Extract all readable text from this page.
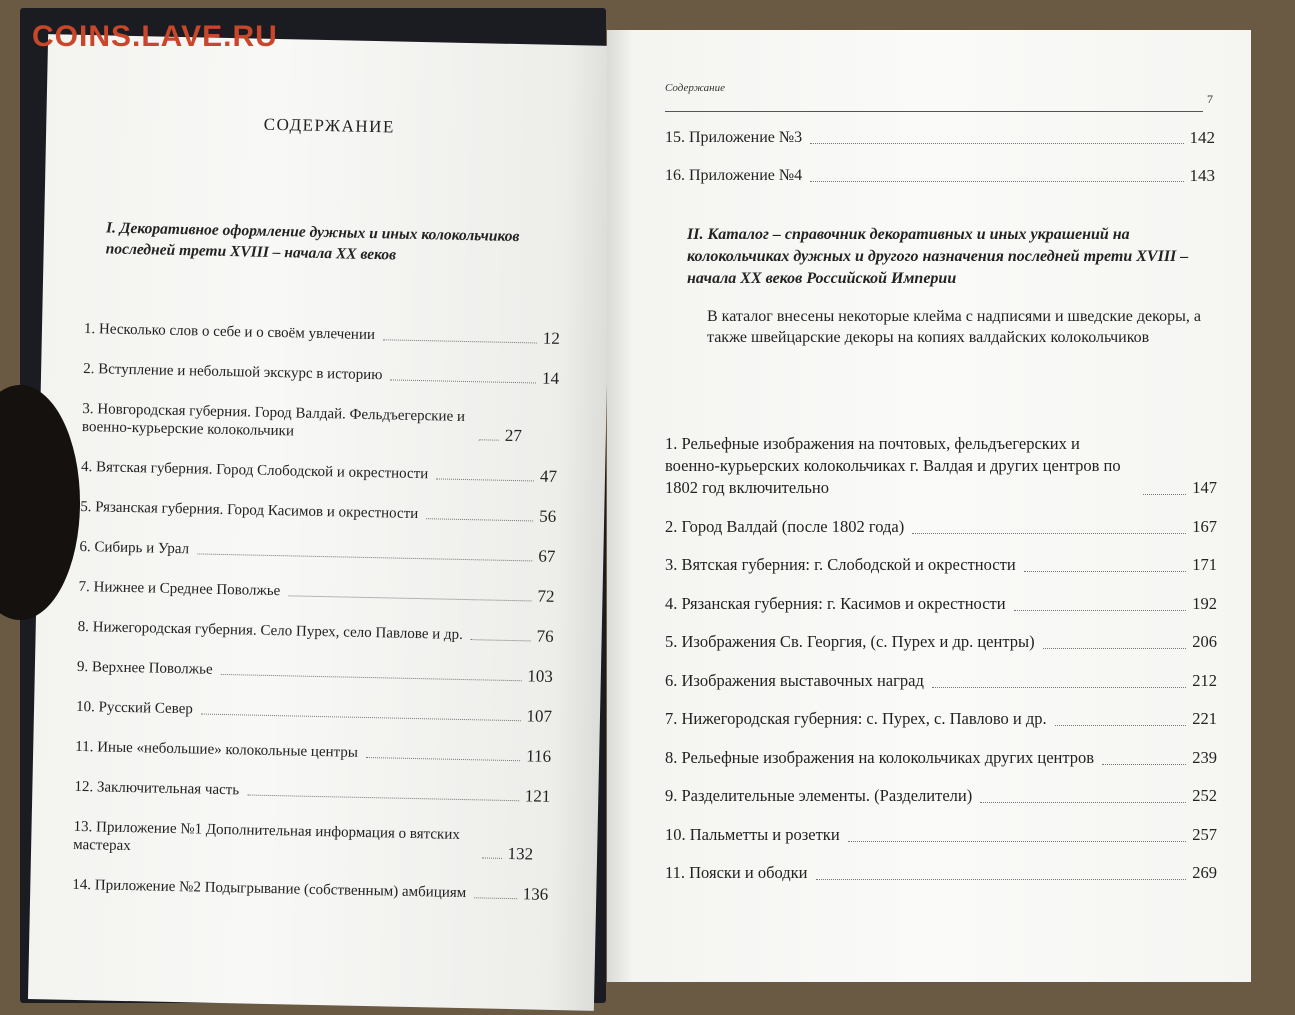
COINS.LAVE.RU
СОДЕРЖАНИЕ
I. Декоративное оформление дужных и иных колокольчиков последней трети XVIII – начала XX веков
1. Несколько слов о себе и о своём увлечении	12
2. Вступление и небольшой экскурс в историю	14
3. Новгородская губерния. Город Валдай. Фельдъегерские и военно-курьерские колокольчики	27
4. Вятская губерния. Город Слободской и окрестности	47
5. Рязанская губерния. Город Касимов и окрестности	56
6. Сибирь и Урал	67
7. Нижнее и Среднее Поволжье	72
8. Нижегородская губерния. Село Пурех, село Павлове и др.	76
9. Верхнее Поволжье	103
10. Русский Север	107
11. Иные «небольшие» колокольные центры	116
12. Заключительная часть	121
13. Приложение №1 Дополнительная информация о вятских мастерах	132
14. Приложение №2 Подыгрывание (собственным) амбициям	136
Содержание
7
15. Приложение №3	142
16. Приложение №4	143
II. Каталог – справочник декоративных и иных украшений на колокольчиках дужных и другого назначения последней трети XVIII – начала XX веков Российской Империи
В каталог внесены некоторые клейма с надписями и шведские декоры, а также швейцарские декоры на копиях валдайских колокольчиков
1. Рельефные изображения на почтовых, фельдъегерских и военно-курьерских колокольчиках г. Валдая и других центров по 1802 год включительно	147
2. Город Валдай (после 1802 года)	167
3. Вятская губерния: г. Слободской и окрестности	171
4. Рязанская губерния: г. Касимов и окрестности	192
5. Изображения Св. Георгия, (с. Пурех и др. центры)	206
6. Изображения выставочных наград	212
7. Нижегородская губерния: с. Пурех, с. Павлово и др.	221
8. Рельефные изображения на колокольчиках других центров	239
9. Разделительные элементы. (Разделители)	252
10. Пальметты и розетки	257
11. Пояски и ободки	269
